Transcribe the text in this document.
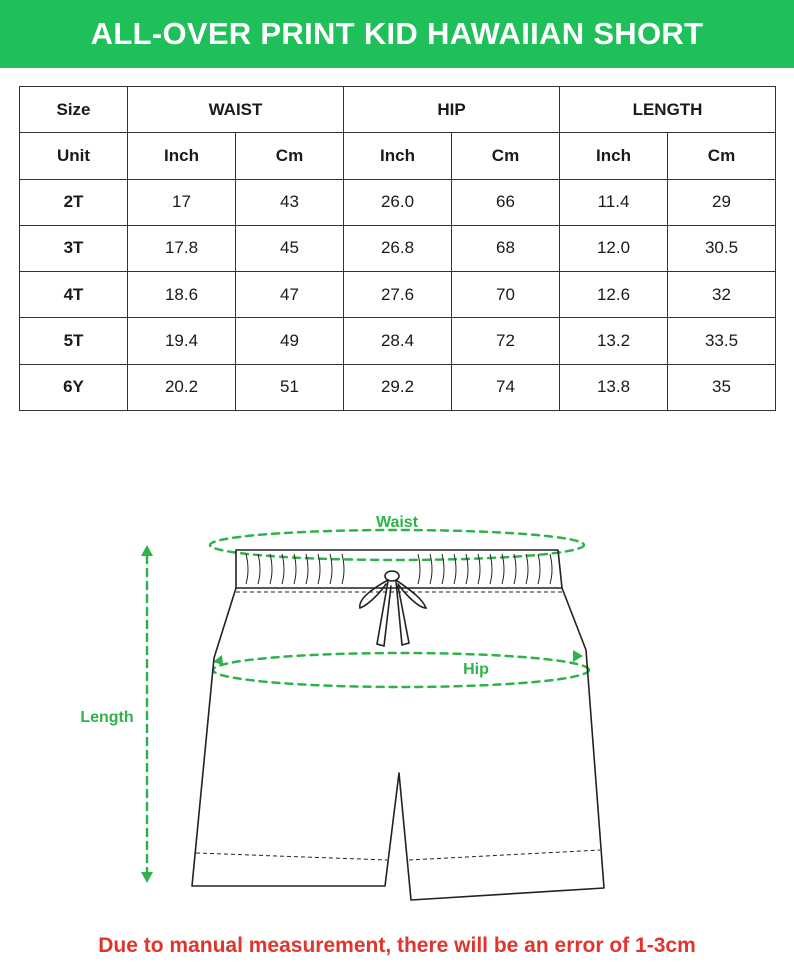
ALL-OVER PRINT KID HAWAIIAN SHORT
Size	WAIST		HIP		LENGTH	
Unit	Inch	Cm	Inch	Cm	Inch	Cm
2T	17	43	26.0	66	11.4	29
3T	17.8	45	26.8	68	12.0	30.5
4T	18.6	47	27.6	70	12.6	32
5T	19.4	49	28.4	72	13.2	33.5
6Y	20.2	51	29.2	74	13.8	35
Waist
Hip
Length
Due to manual measurement, there will be an error of 1-3cm
